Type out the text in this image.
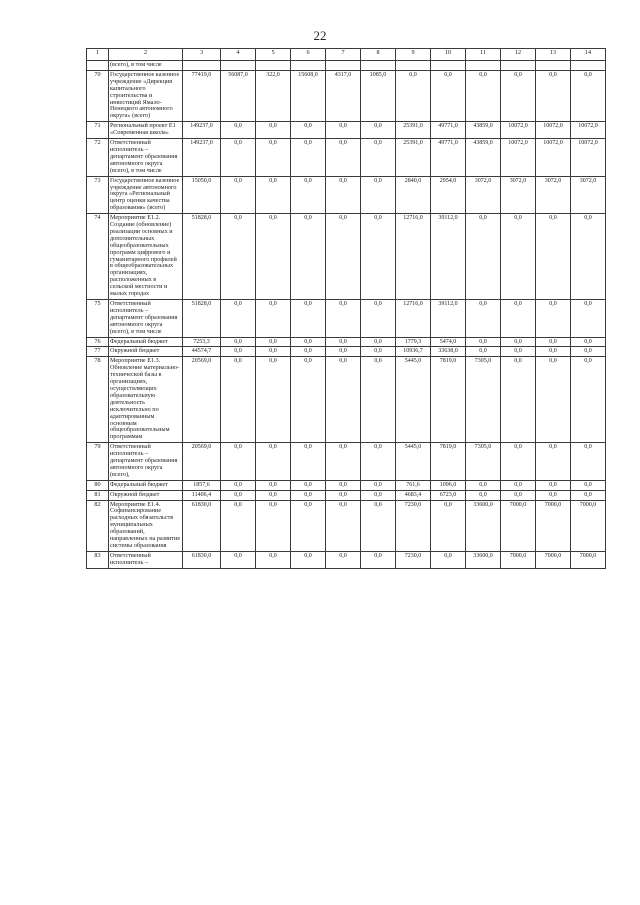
22
1	2	3	4	5	6	7	8	9	10	11	12	13	14
	(всего), в том числе												
70	Государственное казенное учреждение «Дирекция капитального строительства и инвестиций Ямало-Ненецкого автономного округа» (всего)	77419,0	56087,0	322,0	15608,0	4317,0	1085,0	0,0	0,0	0,0	0,0	0,0	0,0
71	Региональный проект Е1 «Современная школа»	149237,0	0,0	0,0	0,0	0,0	0,0	25391,0	49771,0	43859,0	10072,0	10072,0	10072,0
72	Ответственный исполнитель – департамент образования автономного округа (всего), в том числе	149237,0	0,0	0,0	0,0	0,0	0,0	25391,0	49771,0	43859,0	10072,0	10072,0	10072,0
73	Государственное казенное учреждение автономного округа «Региональный центр оценки качества образования» (всего)	15050,0	0,0	0,0	0,0	0,0	0,0	2840,0	2954,0	3072,0	3072,0	3072,0	3072,0
74	Мероприятие Е1.2. Создание (обновление) реализации основных и дополнительных общеобразовательных программ цифрового и гуманитарного профилей в общеобразовательных организациях, расположенных в сельской местности и малых городах	51828,0	0,0	0,0	0,0	0,0	0,0	12716,0	39112,0	0,0	0,0	0,0	0,0
75	Ответственный исполнитель – департамент образования автономного округа (всего), в том числе	51828,0	0,0	0,0	0,0	0,0	0,0	12716,0	39112,0	0,0	0,0	0,0	0,0
76	Федеральный бюджет	7253,3	0,0	0,0	0,0	0,0	0,0	1779,3	5474,0	0,0	0,0	0,0	0,0
77	Окружной бюджет	44574,7	0,0	0,0	0,0	0,0	0,0	10936,7	33638,0	0,0	0,0	0,0	0,0
78	Мероприятие Е1.3. Обновление материально-технической базы в организациях, осуществляющих образовательную деятельность исключительно по адаптированным основным общеобразовательным программам	20569,0	0,0	0,0	0,0	0,0	0,0	5445,0	7819,0	7305,0	0,0	0,0	0,0
79	Ответственный исполнитель – департамент образования автономного округа (всего),	20569,0	0,0	0,0	0,0	0,0	0,0	5445,0	7819,0	7305,0	0,0	0,0	0,0
80	Федеральный бюджет	1857,6	0,0	0,0	0,0	0,0	0,0	761,6	1096,0	0,0	0,0	0,0	0,0
81	Окружной бюджет	11406,4	0,0	0,0	0,0	0,0	0,0	4683,4	6723,0	0,0	0,0	0,0	0,0
82	Мероприятие Е1.4. Софинансирование расходных обязательств муниципальных образований, направленных на развитие системы образования	61830,0	0,0	0,0	0,0	0,0	0,0	7230,0	0,0	33600,0	7000,0	7000,0	7000,0
83	Ответственный исполнитель –	61830,0	0,0	0,0	0,0	0,0	0,0	7230,0	0,0	33600,0	7000,0	7000,0	7000,0
